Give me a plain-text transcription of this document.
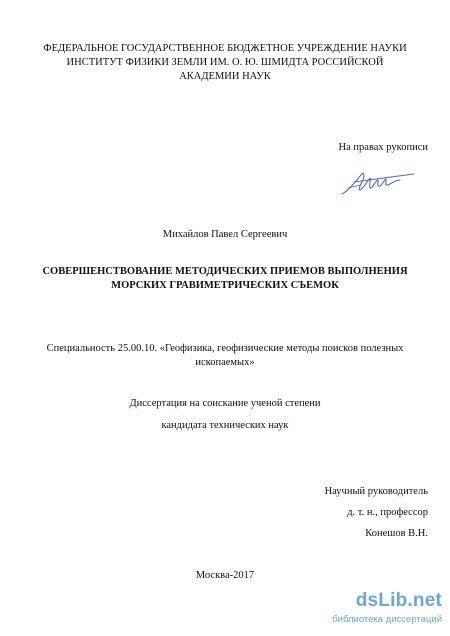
ФЕДЕРАЛЬНОЕ ГОСУДАРСТВЕННОЕ БЮДЖЕТНОЕ УЧРЕЖДЕНИЕ НАУКИ
ИНСТИТУТ ФИЗИКИ ЗЕМЛИ ИМ. О. Ю. ШМИДТА РОССИЙСКОЙ
АКАДЕМИИ НАУК
На правах рукописи
Михайлов Павел Сергеевич
СОВЕРШЕНСТВОВАНИЕ МЕТОДИЧЕСКИХ ПРИЕМОВ ВЫПОЛНЕНИЯ
МОРСКИХ ГРАВИМЕТРИЧЕСКИХ СЪЕМОК
Специальность 25.00.10. «Геофизика, геофизические методы поисков полезных
ископаемых»
Диссертация на соискание ученой степени
кандидата технических наук
Научный руководитель
д. т. н., профессор
Конешов В.Н.
Москва-2017
dsLib.net
библиотека диссертаций
